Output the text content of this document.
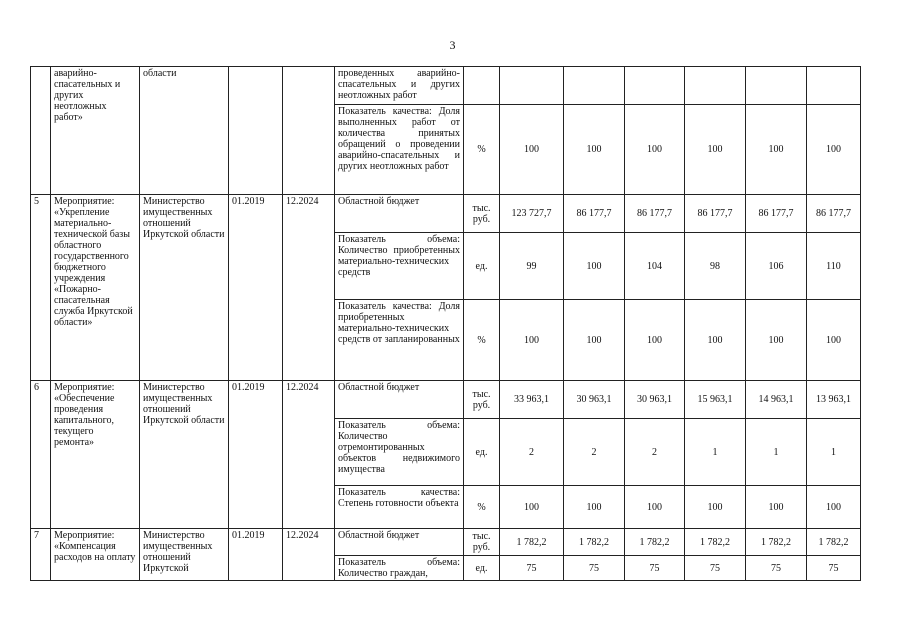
3
	аварийно-спасательных и других неотложных работ»	области			проведенных аварийно-спасательных и других неотложных работ							
					Показатель качества: Доля выполненных работ от количества принятых обращений о проведении аварийно-спасательных и других неотложных работ	%	100	100	100	100	100	100
5	Мероприятие: «Укрепление материально-технической базы областного государственного бюджетного учреждения «Пожарно-спасательная служба Иркутской области»	Министерство имущественных отношений Иркутской области	01.2019	12.2024	Областной бюджет	тыс. руб.	123 727,7	86 177,7	86 177,7	86 177,7	86 177,7	86 177,7
					Показатель объема: Количество приобретенных материально-технических средств	ед.	99	100	104	98	106	110
					Показатель качества: Доля приобретенных материально-технических средств от запланированных	%	100	100	100	100	100	100
6	Мероприятие: «Обеспечение проведения капитального, текущего ремонта»	Министерство имущественных отношений Иркутской области	01.2019	12.2024	Областной бюджет	тыс. руб.	33 963,1	30 963,1	30 963,1	15 963,1	14 963,1	13 963,1
					Показатель объема: Количество отремонтированных объектов недвижимого имущества	ед.	2	2	2	1	1	1
					Показатель качества: Степень готовности объекта	%	100	100	100	100	100	100
7	Мероприятие: «Компенсация расходов на оплату	Министерство имущественных отношений Иркутской	01.2019	12.2024	Областной бюджет	тыс. руб.	1 782,2	1 782,2	1 782,2	1 782,2	1 782,2	1 782,2
					Показатель объема: Количество граждан,	ед.	75	75	75	75	75	75
